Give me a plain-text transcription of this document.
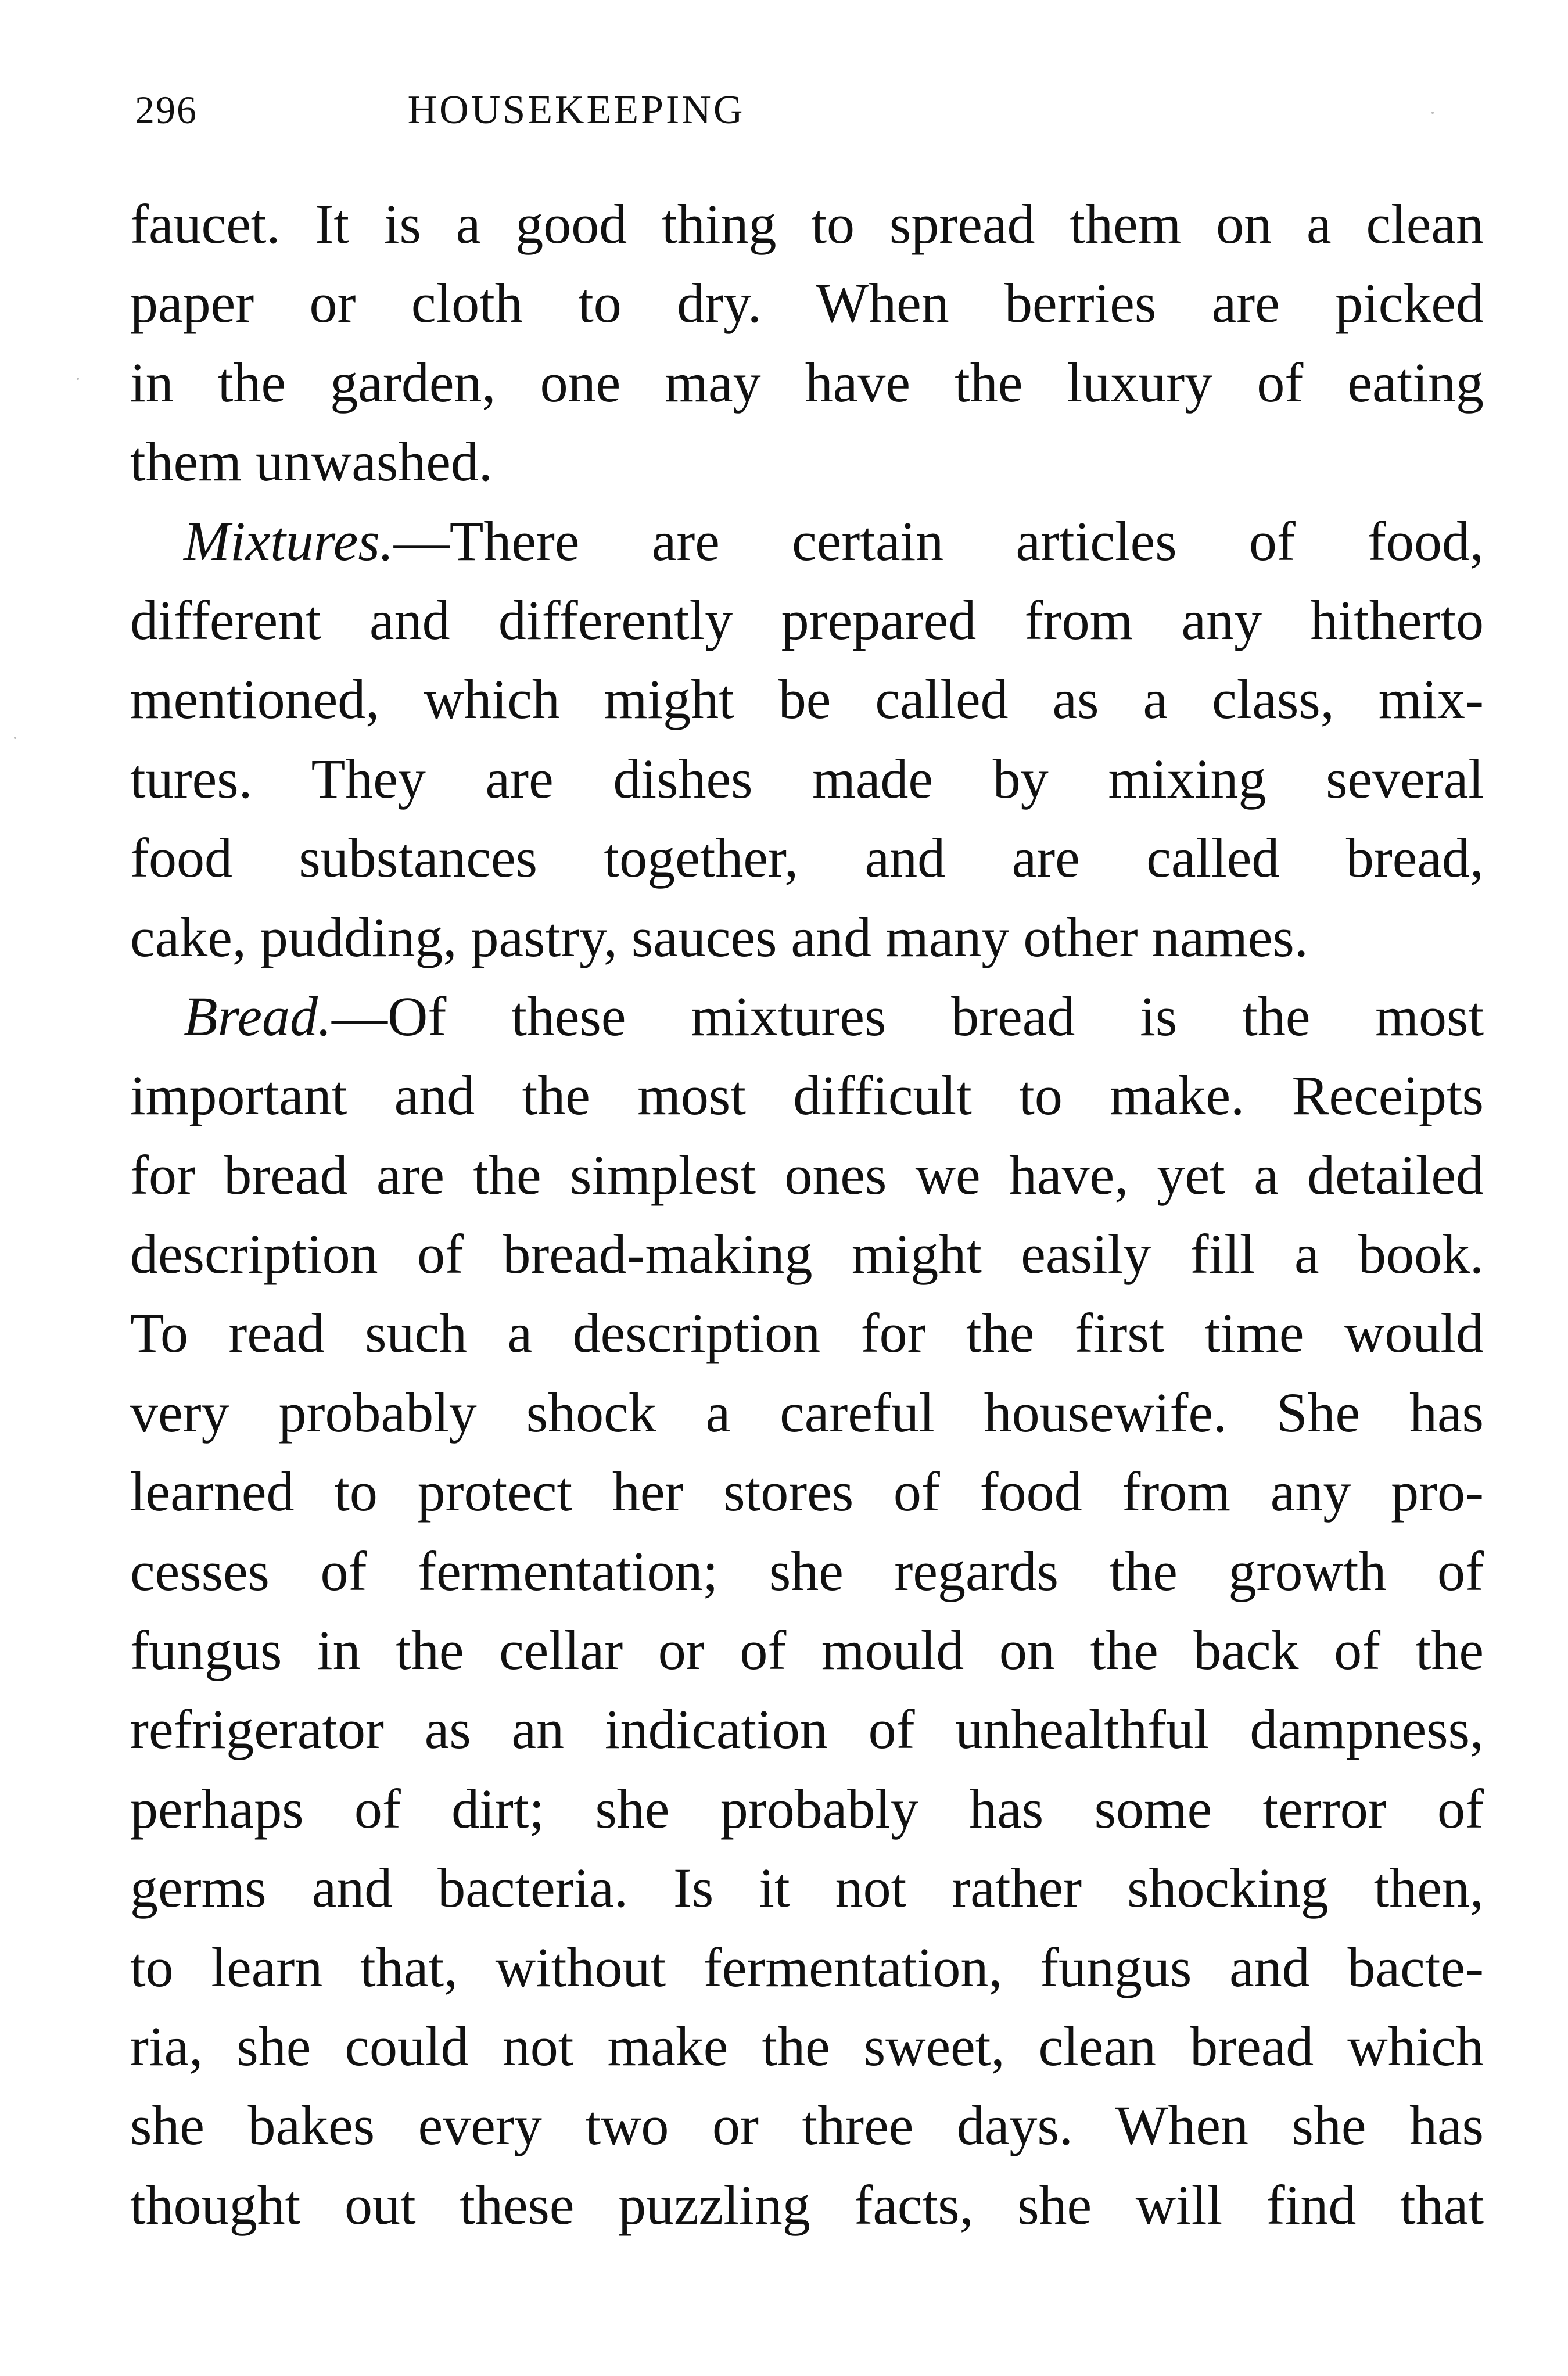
296	HOUSEKEEPING
faucet. It is a good thing to spread them on a clean
paper or cloth to dry. When berries are picked
in the garden, one may have the luxury of eating
them unwashed.
Mixtures.—There are certain articles of food,
different and differently prepared from any hitherto
mentioned, which might be called as a class, mix-
tures. They are dishes made by mixing several
food substances together, and are called bread,
cake, pudding, pastry, sauces and many other names.
Bread.—Of these mixtures bread is the most
important and the most difficult to make. Receipts
for bread are the simplest ones we have, yet a detailed
description of bread-making might easily fill a book.
To read such a description for the first time would
very probably shock a careful housewife. She has
learned to protect her stores of food from any pro-
cesses of fermentation; she regards the growth of
fungus in the cellar or of mould on the back of the
refrigerator as an indication of unhealthful dampness,
perhaps of dirt; she probably has some terror of
germs and bacteria. Is it not rather shocking then,
to learn that, without fermentation, fungus and bacte-
ria, she could not make the sweet, clean bread which
she bakes every two or three days. When she has
thought out these puzzling facts, she will find that
